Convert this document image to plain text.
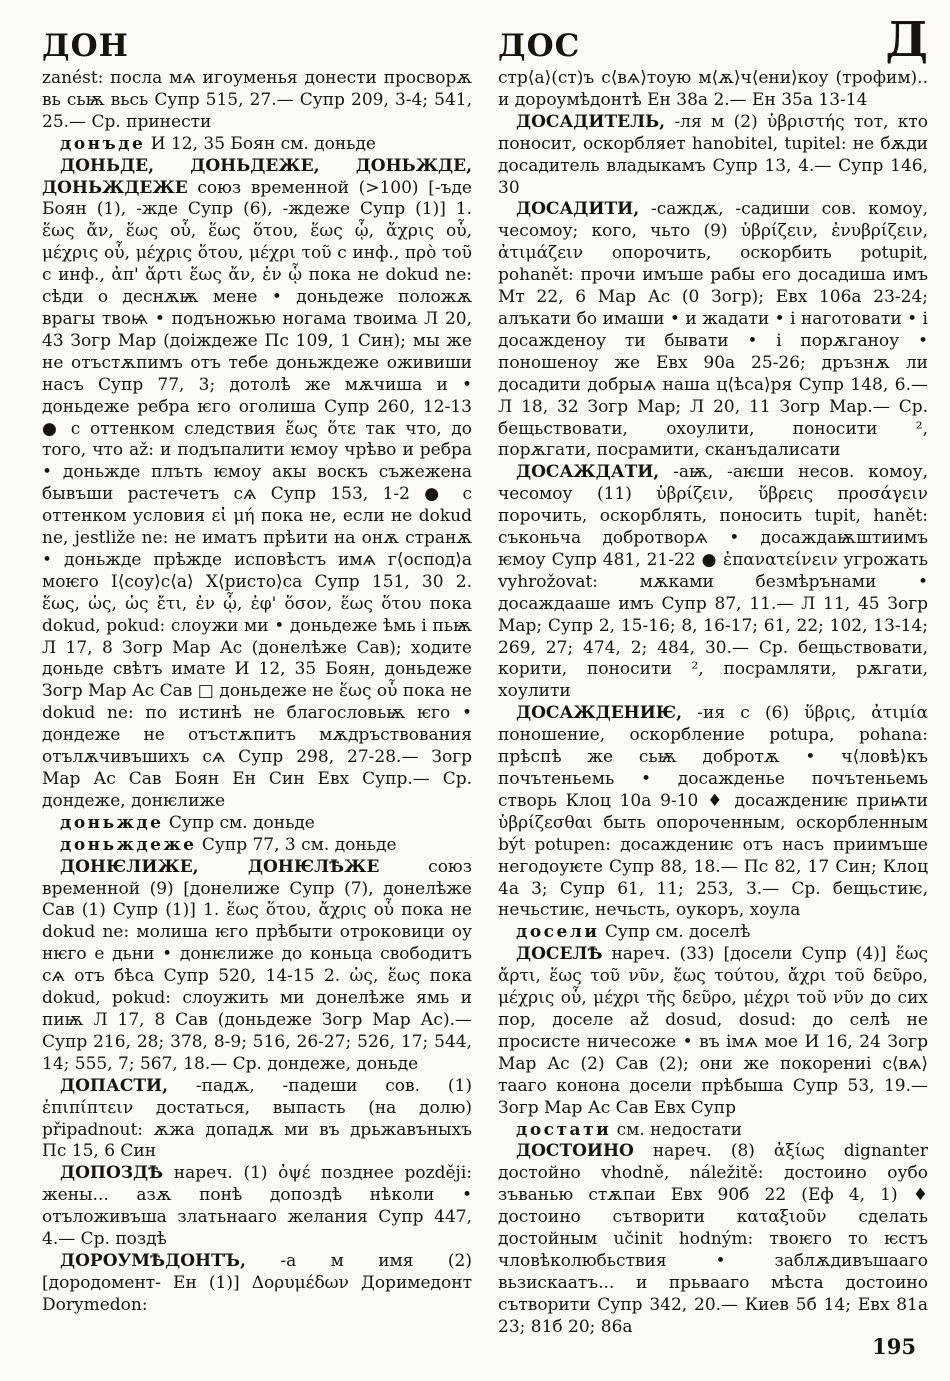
ДОН	ДОС	Д

zanést: посла мѧ игоуменья донести просворѫ вь сьѭ вьсь Супр 515, 27.— Супр 209, 3-4; 541, 25.— Ср. принести

донъде И 12, 35 Боян см. доньде

ДОНЬДЕ, ДОНЬДЕЖЕ, ДОНЬЖДЕ, ДОНЬЖДЕЖЕ союз временной (>100) [-ъде Боян (1), -жде Супр (6), -ждеже Супр (1)] 1. ἕως ἄν, ἕως οὗ, ἕως ὅτου, ἕως ᾧ, ἄχρις οὗ, μέχρις οὗ, μέχρις ὅτου, μέχρι τοῦ с инф., πρὸ τοῦ с инф., ἀπ' ἄρτι ἕως ἄν, ἐν ᾧ пока не dokud ne: сѣди о деснѫѭ мене • доньдеже положѫ врагы твоѩ • подъножью ногама твоима Л 20, 43 Зогр Мар (доіждеже Пс 109, 1 Син); мы же не отъстѫпимъ отъ тебе доньждеже оживиши насъ Супр 77, 3; дотолѣ же мѫчиша и • доньдеже ребра ѥго оголиша Супр 260, 12-13 ● с оттенком следствия ἕως ὅτε так что, до того, что až: и подъпалити ѥмоу чрѣво и ребра • доньжде плъть ѥмоу акы воскъ съжежена бывъши растечетъ сѧ Супр 153, 1-2 ● с оттенком условия εἰ μή пока не, если не dokud ne, jestliže ne: не иматъ прѣити на онѫ странѫ • доньжде прѣжде исповѣстъ имѧ г⟨оспод⟩а моѥго І⟨соу⟩с⟨а⟩ Х⟨ристо⟩са Супр 151, 30 2. ἕως, ὡς, ὡς ἔτι, ἐν ᾧ, ἐφ' ὅσον, ἕως ὅτου пока dokud, pokud: слоужи ми • доньдеже ѣмь і пьѭ Л 17, 8 Зогр Мар Ас (донелѣже Сав); ходите доньде свѣтъ имате И 12, 35 Боян, доньдеже Зогр Мар Ас Сав □ доньдеже не ἕως οὗ пока не dokud ne: по истинѣ не благословьѭ ѥго • дондеже не отъстѫпитъ мѫдръствования отълѫчивъшихъ сѧ Супр 298, 27-28.— Зогр Мар Ас Сав Боян Ен Син Евх Супр.— Ср. дондеже, донѥлиже

доньжде Супр см. доньде

доньждеже Супр 77, 3 см. доньде

ДОНѤЛИЖЕ, ДОНѤЛѢЖЕ	союз временной (9) [донелиже Супр (7), донелѣже Сав (1) Супр (1)] 1. ἕως ὅτου, ἄχρις οὗ пока не dokud ne: молиша ѥго прѣбыти отроковици оу нѥго е дьни • донѥлиже до коньца свободитъ сѧ отъ бѣса Супр 520, 14-15 2. ὡς, ἕως пока dokud, pokud: слоужить ми донелѣже ямь и пиѭ Л 17, 8 Сав (доньдеже Зогр Мар Ас).— Супр 216, 28; 378, 8-9; 516, 26-27; 526, 17; 544, 14; 555, 7; 567, 18.— Ср. дондеже, доньде

ДОПАСТИ, -падѫ, -падеши сов. (1) ἐπιπίπτειν достаться, выпасть (на долю) připadnout: ѫжа допадѫ ми въ дрьжавъныхъ Пс 15, 6 Син

ДОПОЗДѢ нареч. (1) ὀψέ позднее později: жены... азѫ понѣ допоздѣ нѣколи • отъложивъша златьнааго желания Супр 447, 4.— Ср. поздѣ

ДОРОУМѢДОНТЪ, -а м имя (2) [дородомент- Ен (1)] Δορυμέδων Доримедонт Dorymedon:

стр⟨а⟩(ст)ъ с⟨вѧ⟩тоую м⟨ѫ⟩ч⟨ени⟩коу (трофим).. и дороумѣдонтѣ Ен 38а 2.— Ен 35а 13-14

ДОСАДИТЕЛЬ, -ля м (2) ὑβριστής тот, кто поносит, оскорбляет hanobitel, tupitel: не бѫди досадитель владыкамъ Супр 13, 4.— Супр 146, 30

ДОСАДИТИ, -саждѫ, -садиши сов. комоу, чесомоу; кого, чьто (9) ὑβρίζειν, ἐνυβρίζειν, ἀτιμάζειν опорочить, оскорбить potupit, pohanět: прочи имъше рабы его досадиша имъ Мт 22, 6 Мар Ас (0 Зогр); Евх 106а 23-24; алъкати бо имаши • и жадати • і наготовати • і досажденоу ти бывати • і порѫганоу • поношеноу же Евх 90а 25-26; дръзнѫ ли досадити добрыѧ наша ц⟨ѣса⟩ря Супр 148, 6.— Л 18, 32 Зогр Мар; Л 20, 11 Зогр Мар.— Ср. бещьствовати, охоулити, поносити ², порѫгати, посрамити, сканъдалисати

ДОСАЖДАТИ, -аѭ, -аѥши несов. комоу, чесомоу (11) ὑβρίζειν, ὕβρεις προσάγειν порочить, оскорблять, поносить tupit, hanět: съконьча добротворѧ • досаждаѭштиимъ ѥмоу Супр 481, 21-22 ● ἐπανατείνειν угрожать vyhrožovat: мѫками безмѣрънами • досаждааше имъ Супр 87, 11.— Л 11, 45 Зогр Мар; Супр 2, 15-16; 8, 16-17; 61, 22; 102, 13-14; 269, 27; 474, 2; 484, 30.— Ср. бещьствовати, корити, поносити ², посрамляти, рѫгати, хоулити

ДОСАЖДЕНИѤ, -ия с (6) ὕβρις, ἀτιμία поношение, оскорбление potupa, pohana: прѣспѣ же сьѭ добротѫ • ч⟨ловѣ⟩къ почътеньемь • досажденье почътеньемь створь Клоц 10а 9-10 ♦ досаждениѥ приѩти ὑβρίζεσθαι быть опороченным, оскорбленным být potupen: досаждениѥ отъ насъ приимъше негодоуѥте Супр 88, 18.— Пс 82, 17 Син; Клоц 4а 3; Супр 61, 11; 253, 3.— Ср. бещьстиѥ, нечьстиѥ, нечьсть, оукоръ, хоула

досели Супр см. доселѣ

ДОСЕЛѢ нареч. (33) [досели Супр (4)] ἕως ἄρτι, ἕως τοῦ νῦν, ἕως τούτου, ἄχρι τοῦ δεῦρο, μέχρις οὗ, μέχρι τῆς δεῦρο, μέχρι τοῦ νῦν до сих пор, доселе až dosud, dosud: до селѣ не просисте ничесоже • въ імѧ мое И 16, 24 Зогр Мар Ас (2) Сав (2); они же покорениі с⟨вѧ⟩тааго конона досели прѣбыша Супр 53, 19.— Зогр Мар Ас Сав Евх Супр

достати см. недостати

ДОСТОИНО нареч. (8) ἀξίως dignanter достойно vhodně, náležitě: достоино оубо зъванью стѫпаи Евх 90б 22 (Еф 4, 1) ♦ достоино сътворити καταξιοῦν сделать достойным učinit hodným: твоѥго то ѥстъ чловѣколюбьствия • заблѫдивъшааго вьзискаатъ... и прьвааго мѣста достоино сътворити Супр 342, 20.— Киев 5б 14; Евх 81а 23; 81б 20; 86а

195
